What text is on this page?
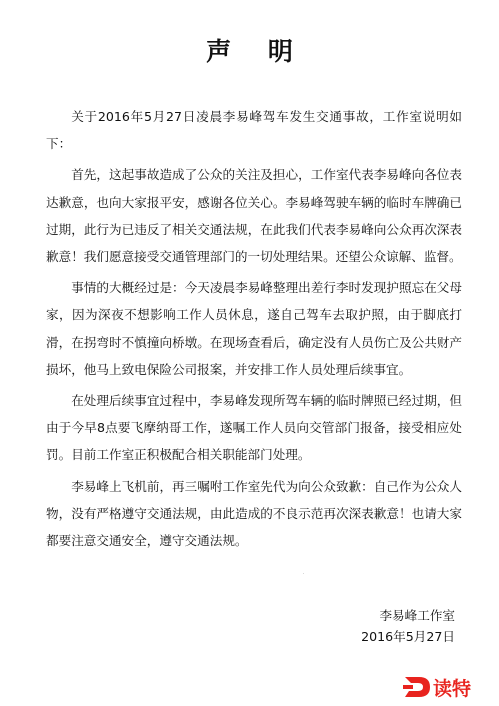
声 明

关于2016年5月27日凌晨李易峰驾车发生交通事故，工作室说明如下：

首先，这起事故造成了公众的关注及担心，工作室代表李易峰向各位表达歉意，也向大家报平安，感谢各位关心。李易峰驾驶车辆的临时车牌确已过期，此行为已违反了相关交通法规，在此我们代表李易峰向公众再次深表歉意！我们愿意接受交通管理部门的一切处理结果。还望公众谅解、监督。

事情的大概经过是：今天凌晨李易峰整理出差行李时发现护照忘在父母家，因为深夜不想影响工作人员休息，遂自己驾车去取护照，由于脚底打滑，在拐弯时不慎撞向桥墩。在现场查看后，确定没有人员伤亡及公共财产损坏，他马上致电保险公司报案，并安排工作人员处理后续事宜。

在处理后续事宜过程中，李易峰发现所驾车辆的临时牌照已经过期，但由于今早8点要飞摩纳哥工作，遂嘱工作人员向交管部门报备，接受相应处罚。目前工作室正积极配合相关职能部门处理。

李易峰上飞机前，再三嘱咐工作室先代为向公众致歉：自己作为公众人物，没有严格遵守交通法规，由此造成的不良示范再次深表歉意！也请大家都要注意交通安全，遵守交通法规。

李易峰工作室
2016年5月27日
D
读特
